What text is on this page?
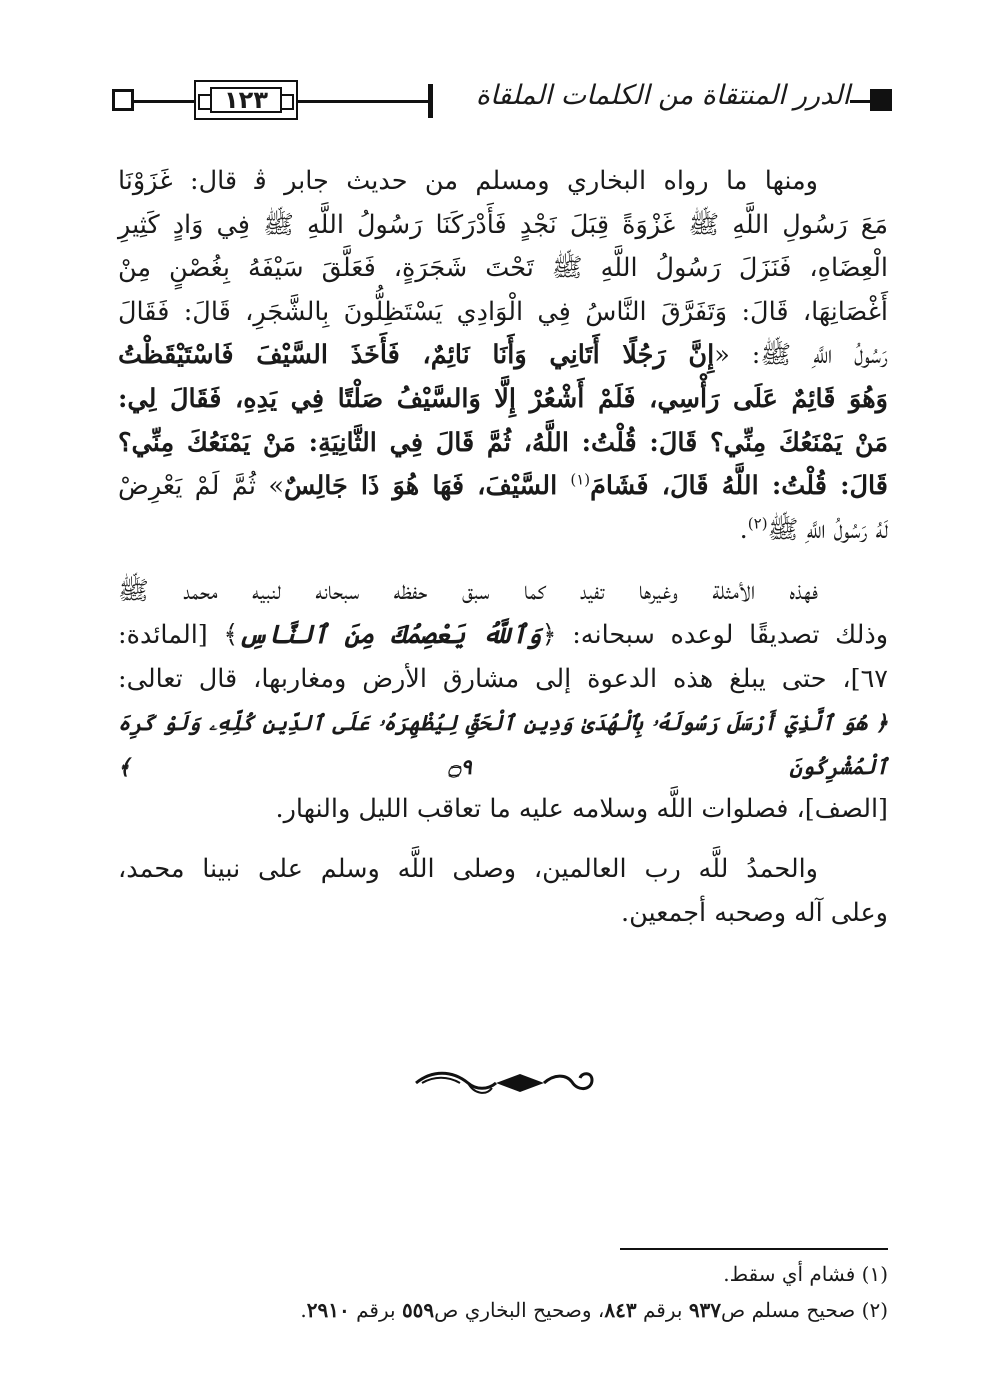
الدرر المنتقاة من الكلمات الملقاة
١٢٣
ومنها ما رواه البخاري ومسلم من حديث جابر ﭬ قال: غَزَوْنَا
مَعَ رَسُولِ اللَّهِ ﷺ غَزْوَةً قِبَلَ نَجْدٍ فَأَدْرَكَنَا رَسُولُ اللَّهِ ﷺ فِي وَادٍ كَثِيرِ
الْعِضَاهِ، فَنَزَلَ رَسُولُ اللَّهِ ﷺ تَحْتَ شَجَرَةٍ، فَعَلَّقَ سَيْفَهُ بِغُصْنٍ مِنْ
أَغْصَانِهَا، قَالَ: وَتَفَرَّقَ النَّاسُ فِي الْوَادِي يَسْتَظِلُّونَ بِالشَّجَرِ، قَالَ: فَقَالَ
رَسُولُ اللَّهِ ﷺ: «إِنَّ رَجُلًا أَتَانِي وَأَنَا نَائِمٌ، فَأَخَذَ السَّيْفَ فَاسْتَيْقَظْتُ
وَهُوَ قَائِمٌ عَلَى رَأْسِي، فَلَمْ أَشْعُرْ إِلَّا وَالسَّيْفُ صَلْتًا فِي يَدِهِ، فَقَالَ لِي:
مَنْ يَمْنَعُكَ مِنِّي؟ قَالَ: قُلْتُ: اللَّهُ، ثُمَّ قَالَ فِي الثَّانِيَةِ: مَنْ يَمْنَعُكَ مِنِّي؟
قَالَ: قُلْتُ: اللَّهُ قَالَ، فَشَامَ$^{(١)}$ السَّيْفَ، فَهَا هُوَ ذَا جَالِسٌ» ثُمَّ لَمْ يَعْرِضْ
لَهُ رَسُولُ اللَّهِ ﷺ$^{(٢)}$.
فهذه الأمثلة وغيرها تفيد كما سبق حفظه سبحانه لنبيه محمد ﷺ
وذلك تصديقًا لوعده سبحانه: ﴿وَٱللَّهُ يَعْصِمُكَ مِنَ ٱلنَّاسِ﴾ [المائدة:
٦٧]، حتى يبلغ هذه الدعوة إلى مشارق الأرض ومغاربها، قال تعالى:
﴿ هُوَ ٱلَّذِيٓ أَرْسَلَ رَسُولَهُۥ بِٱلْهُدَىٰ وَدِينِ ٱلْحَقِّ لِيُظْهِرَهُۥ عَلَى ٱلدِّينِ كُلِّهِۦ وَلَوْ كَرِهَ ٱلْمُشْرِكُونَ ۝٩ ﴾
[الصف]، فصلوات اللَّه وسلامه عليه ما تعاقب الليل والنهار.
والحمدُ للَّه رب العالمين، وصلى اللَّه وسلم على نبينا محمد،
وعلى آله وصحبه أجمعين.
(١) فشام أي سقط.
(٢) صحيح مسلم ص٩٣٧ برقم ٨٤٣، وصحيح البخاري ص٥٥٩ برقم ٢٩١٠.
